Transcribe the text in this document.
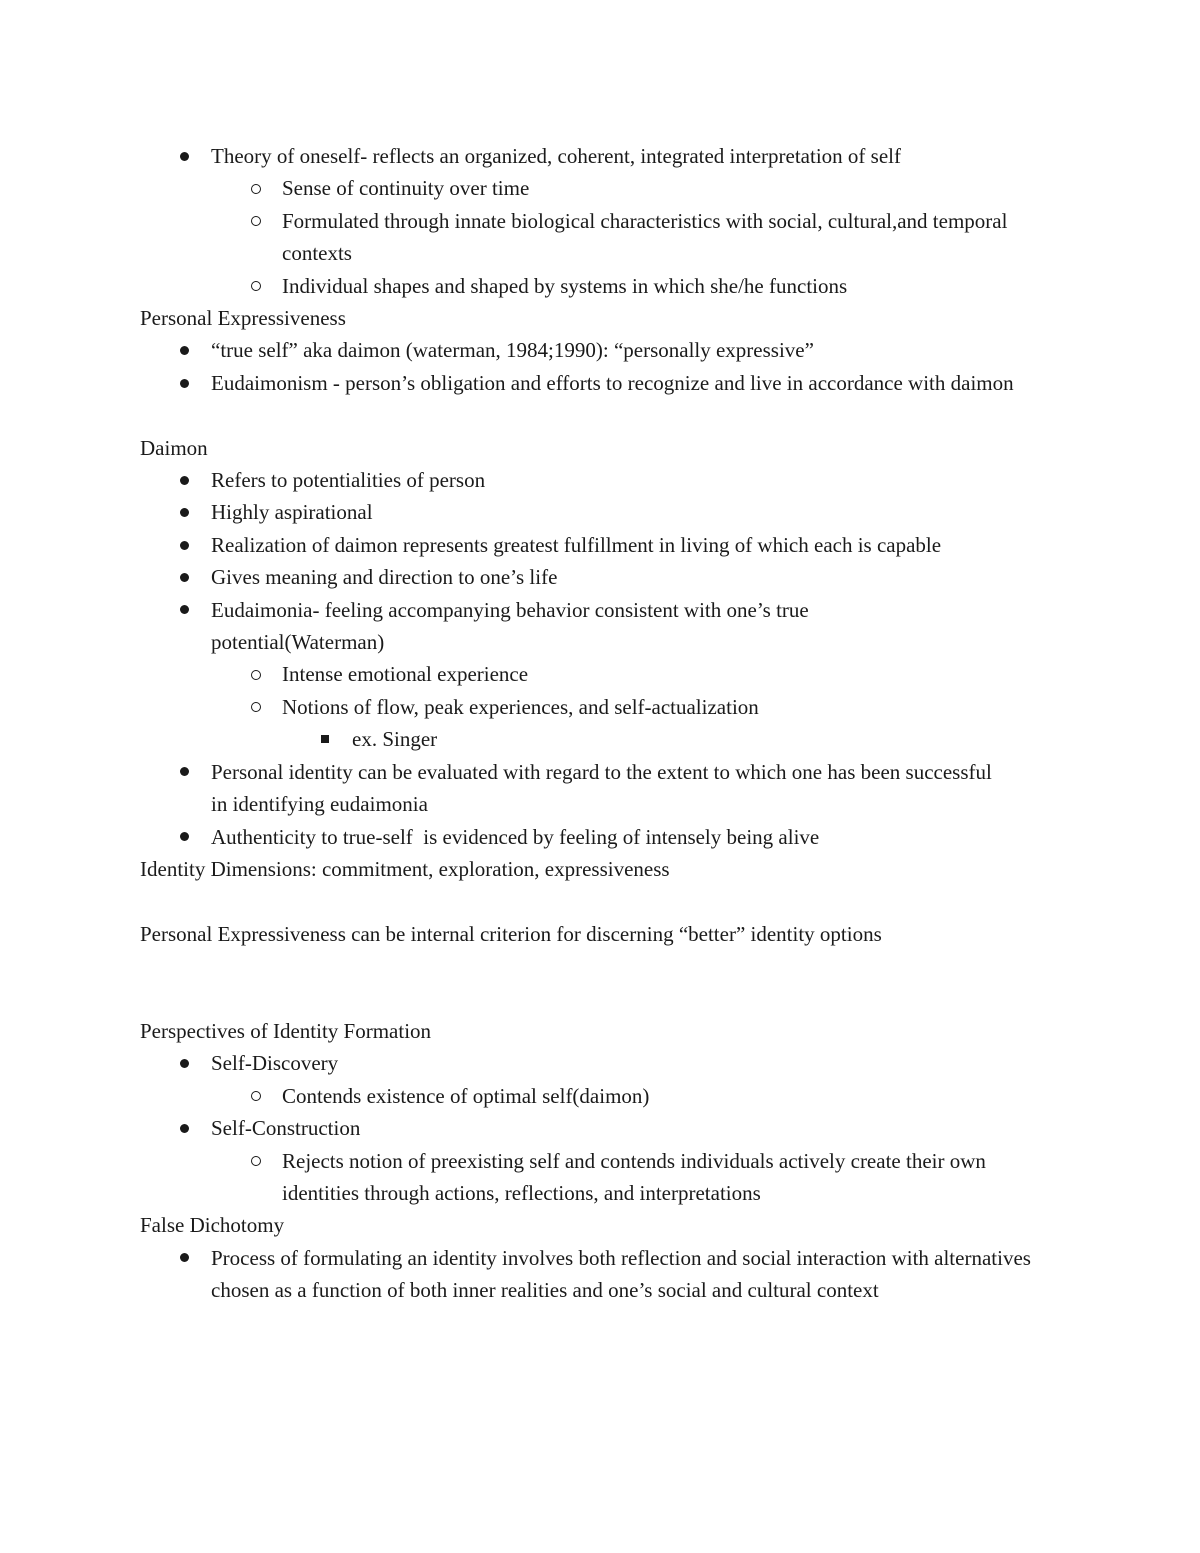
Theory of oneself- reflects an organized, coherent, integrated interpretation of self
Sense of continuity over time
Formulated through innate biological characteristics with social, cultural,and temporal contexts
Individual shapes and shaped by systems in which she/he functions
Personal Expressiveness
“true self” aka daimon (waterman, 1984;1990): “personally expressive”
Eudaimonism - person’s obligation and efforts to recognize and live in accordance with daimon
Daimon
Refers to potentialities of person
Highly aspirational
Realization of daimon represents greatest fulfillment in living of which each is capable
Gives meaning and direction to one’s life
Eudaimonia- feeling accompanying behavior consistent with one’s true potential(Waterman)
Intense emotional experience
Notions of flow, peak experiences, and self-actualization
ex. Singer
Personal identity can be evaluated with regard to the extent to which one has been successful in identifying eudaimonia
Authenticity to true-self  is evidenced by feeling of intensely being alive
Identity Dimensions: commitment, exploration, expressiveness
Personal Expressiveness can be internal criterion for discerning “better” identity options
Perspectives of Identity Formation
Self-Discovery
Contends existence of optimal self(daimon)
Self-Construction
Rejects notion of preexisting self and contends individuals actively create their own identities through actions, reflections, and interpretations
False Dichotomy
Process of formulating an identity involves both reflection and social interaction with alternatives chosen as a function of both inner realities and one’s social and cultural context
